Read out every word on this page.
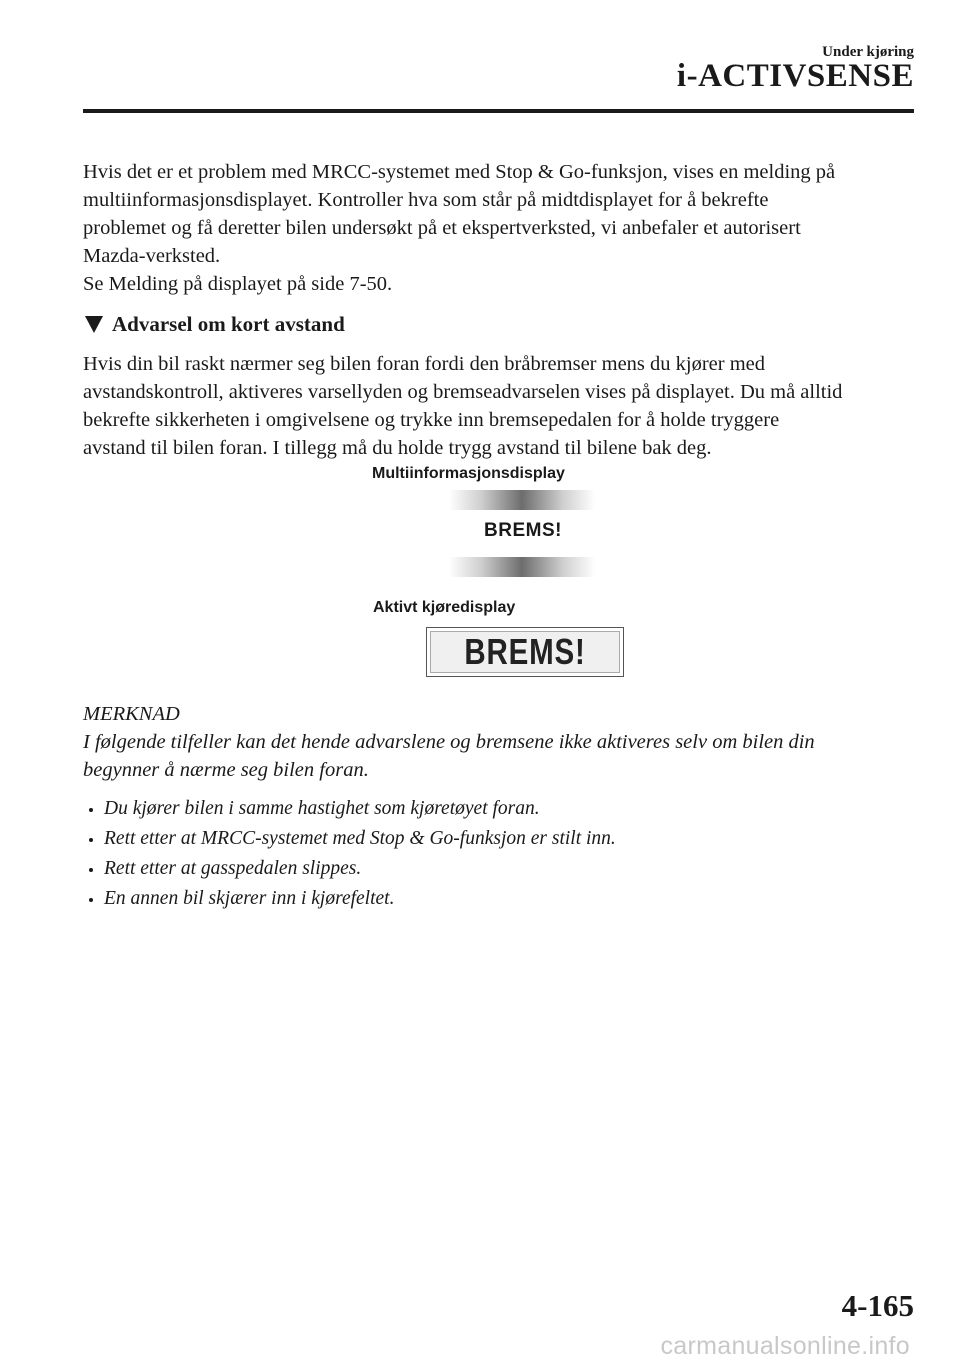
Under kjøring
i-ACTIVSENSE

Hvis det er et problem med MRCC-systemet med Stop & Go-funksjon, vises en melding på
multiinformasjonsdisplayet. Kontroller hva som står på midtdisplayet for å bekrefte
problemet og få deretter bilen undersøkt på et ekspertverksted, vi anbefaler et autorisert
Mazda-verksted.
Se Melding på displayet på side 7-50.

Advarsel om kort avstand

Hvis din bil raskt nærmer seg bilen foran fordi den bråbremser mens du kjører med
avstandskontroll, aktiveres varsellyden og bremseadvarselen vises på displayet. Du må alltid
bekrefte sikkerheten i omgivelsene og trykke inn bremsepedalen for å holde tryggere
avstand til bilen foran. I tillegg må du holde trygg avstand til bilene bak deg.

Multiinformasjonsdisplay
BREMS!
Aktivt kjøredisplay
BREMS!
MERKNAD

I følgende tilfeller kan det hende advarslene og bremsene ikke aktiveres selv om bilen din
begynner å nærme seg bilen foran.

Du kjører bilen i samme hastighet som kjøretøyet foran.
Rett etter at MRCC-systemet med Stop & Go-funksjon er stilt inn.
Rett etter at gasspedalen slippes.
En annen bil skjærer inn i kjørefeltet.
4-165
carmanualsonline.info
